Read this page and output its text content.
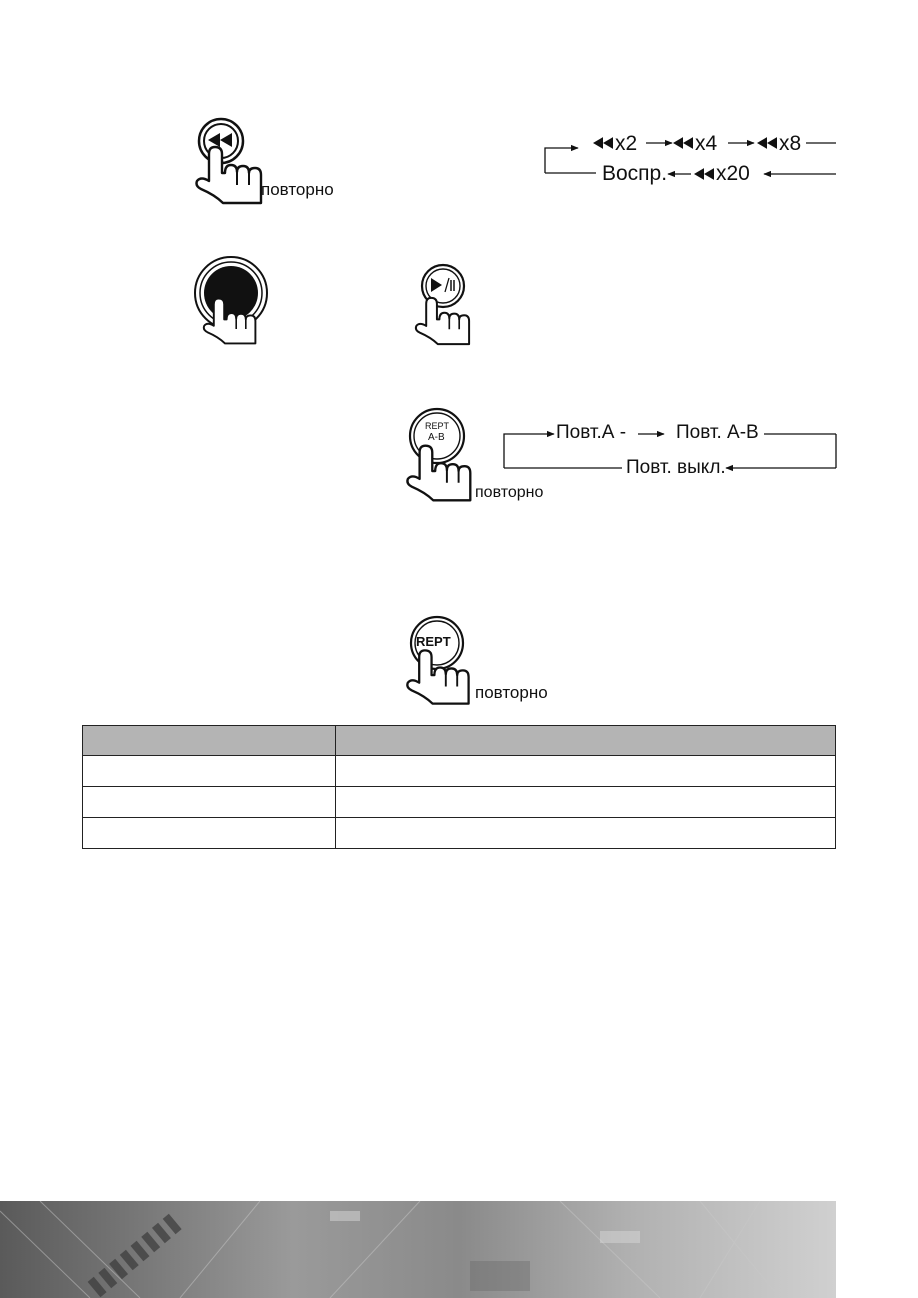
повторно
x2	x4	x8
x20
Воспр.
REPT
A-B
повторно
Повт.А -	Повт. А-В
Повт. выкл.
REPT
повторно
